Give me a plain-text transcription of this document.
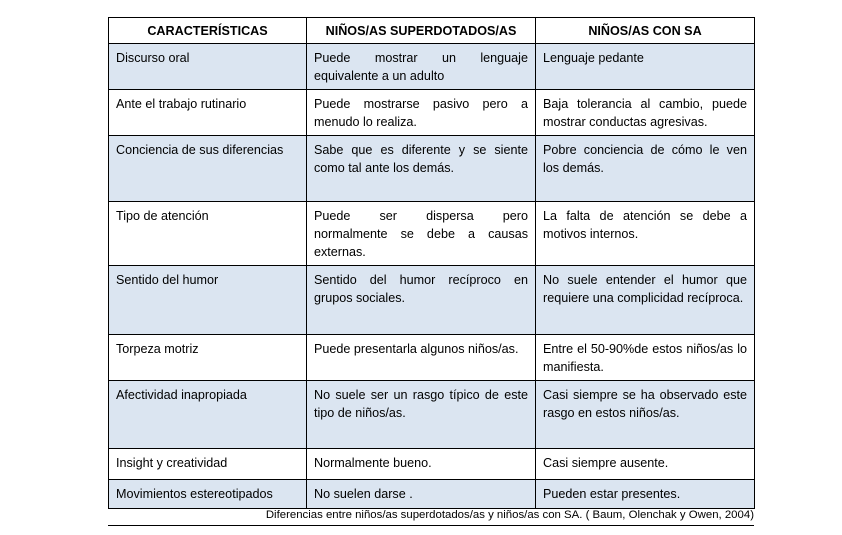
CARACTERÍSTICAS	NIÑOS/AS SUPERDOTADOS/AS	NIÑOS/AS CON SA
Discurso oral	Puede mostrar un lenguaje equivalente a un adulto	Lenguaje pedante
Ante el trabajo rutinario	Puede mostrarse pasivo pero a menudo lo realiza.	Baja tolerancia al cambio, puede mostrar conductas agresivas.
Conciencia de sus diferencias	Sabe que es diferente y se siente como tal ante los demás.	Pobre conciencia de cómo le ven los demás.
Tipo de atención	Puede ser dispersa pero normalmente se debe a causas externas.	La falta de atención se debe a motivos internos.
Sentido del humor	Sentido del humor recíproco en grupos sociales.	No suele entender el humor que requiere una complicidad recíproca.
Torpeza motriz	Puede presentarla algunos niños/as.	Entre el 50-90%de estos niños/as lo manifiesta.
Afectividad inapropiada	No suele ser un rasgo típico de este tipo de niños/as.	Casi siempre se ha observado este rasgo en estos niños/as.
Insight y creatividad	Normalmente bueno.	Casi siempre ausente.
Movimientos estereotipados	No suelen darse .	Pueden estar presentes.
Diferencias entre niños/as superdotados/as y niños/as con SA. ( Baum, Olenchak y Owen, 2004)
